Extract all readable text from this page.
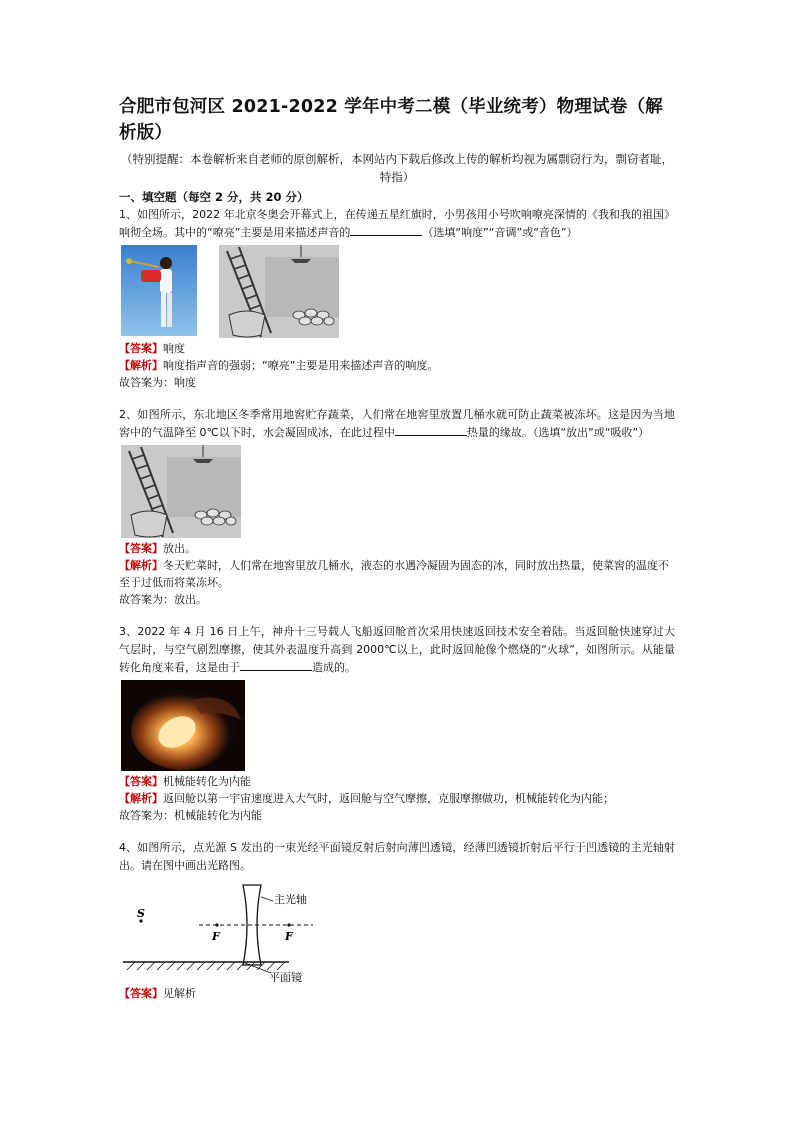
合肥市包河区 2021-2022 学年中考二模（毕业统考）物理试卷（解析版）
（特别提醒：本卷解析来自老师的原创解析，本网站内下载后修改上传的解析均视为属剽窃行为，剽窃者耻，特指）
一、填空题（每空 2 分，共 20 分）

1、如图所示，2022 年北京冬奥会开幕式上，在传递五星红旗时，小男孩用小号吹响嘹亮深情的《我和我的祖国》响彻全场。其中的“嘹亮”主要是用来描述声音的	（选填“响度”“音调”或“音色”）

【答案】响度

【解析】响度指声音的强弱；“嘹亮”主要是用来描述声音的响度。

故答案为：响度

2、如图所示，东北地区冬季常用地窖贮存蔬菜，人们常在地窖里放置几桶水就可防止蔬菜被冻坏。这是因为当地窖中的气温降至 0℃以下时，水会凝固成冰，在此过程中	热量的缘故。（选填“放出”或“吸收”）

【答案】放出。

【解析】冬天贮菜时，人们常在地窖里放几桶水，液态的水遇冷凝固为固态的冰，同时放出热量，使菜窖的温度不至于过低而将菜冻坏。

故答案为：放出。

3、2022 年 4 月 16 日上午，神舟十三号载人飞船返回舱首次采用快速返回技术安全着陆。当返回舱快速穿过大气层时，与空气剧烈摩擦，使其外表温度升高到 2000℃以上，此时返回舱像个燃烧的“火球”，如图所示。从能量转化角度来看，这是由于	造成的。

【答案】机械能转化为内能

【解析】返回舱以第一宇宙速度进入大气时，返回舱与空气摩擦，克服摩擦做功，机械能转化为内能；

故答案为：机械能转化为内能

4、如图所示，点光源 S 发出的一束光经平面镜反射后射向薄凹透镜，经薄凹透镜折射后平行于凹透镜的主光轴射出。请在图中画出光路图。

S
F	F
主光轴
平面镜

【答案】见解析
